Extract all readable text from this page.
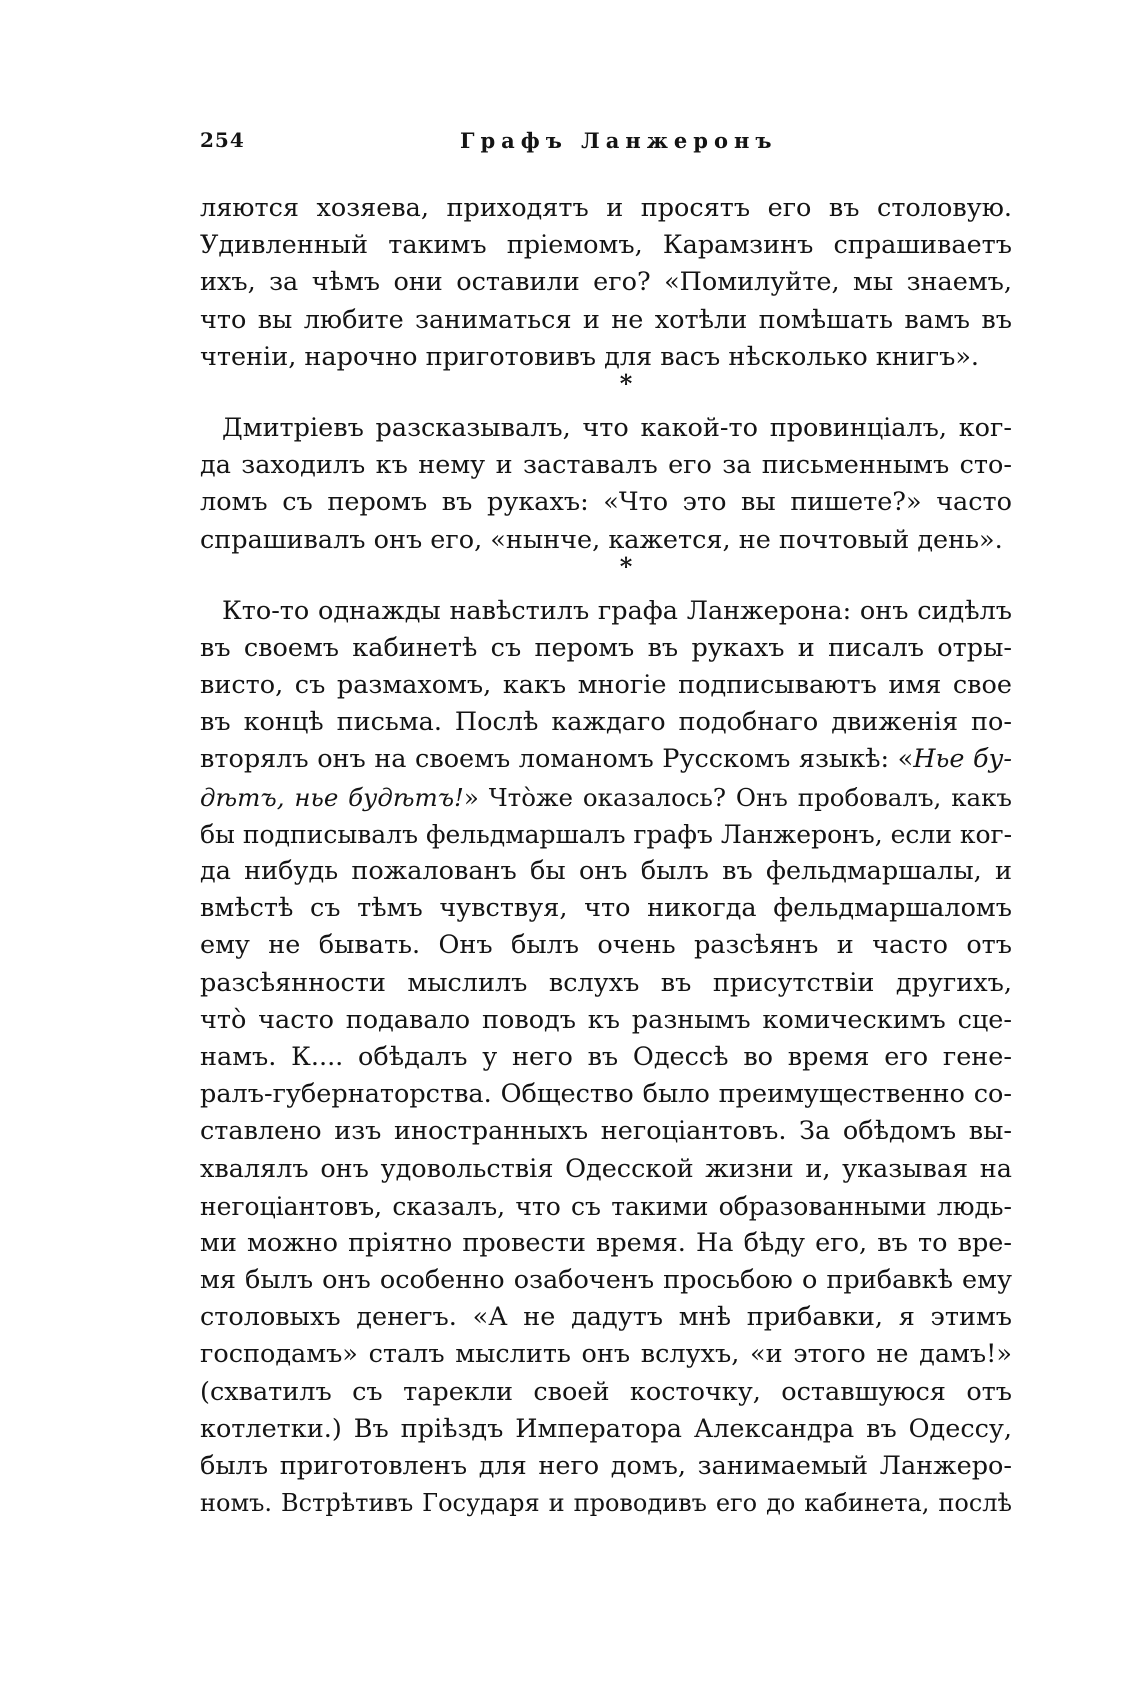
254	Графъ Ланжеронъ
ляются хозяева, приходятъ и просятъ его въ столовую.
Удивленный такимъ пріемомъ, Карамзинъ спрашиваетъ
ихъ, за чѣмъ они оставили его? «Помилуйте, мы знаемъ,
что вы любите заниматься и не хотѣли помѣшать вамъ въ
чтеніи, нарочно приготовивъ для васъ нѣсколько книгъ».
*
Дмитріевъ разсказывалъ, что какой-то провинціалъ, ког-
да заходилъ къ нему и заставалъ его за письменнымъ сто-
ломъ съ перомъ въ рукахъ: «Что это вы пишете?» часто
спрашивалъ онъ его, «нынче, кажется, не почтовый день».
*
Кто-то однажды навѣстилъ графа Ланжерона: онъ сидѣлъ
въ своемъ кабинетѣ съ перомъ въ рукахъ и писалъ отры-
висто, съ размахомъ, какъ многіе подписываютъ имя свое
въ концѣ письма. Послѣ каждаго подобнаго движенія по-
вторялъ онъ на своемъ ломаномъ Русскомъ языкѣ: «Ньe бу-
дѣтъ, ньe будѣтъ!» Чтòже оказалось? Онъ пробовалъ, какъ
бы подписывалъ фельдмаршалъ графъ Ланжеронъ, если ког-
да нибудь пожалованъ бы онъ былъ въ фельдмаршалы, и
вмѣстѣ съ тѣмъ чувствуя, что никогда фельдмаршаломъ
ему не бывать. Онъ былъ очень разсѣянъ и часто отъ
разсѣянности мыслилъ вслухъ въ присутствіи другихъ,
чтò часто подавало поводъ къ разнымъ комическимъ сце-
намъ. К.... обѣдалъ у него въ Одессѣ во время его гене-
ралъ-губернаторства. Общество было преимущественно со-
ставлено изъ иностранныхъ негоціантовъ. За обѣдомъ вы-
хвалялъ онъ удовольствія Одесской жизни и, указывая на
негоціантовъ, сказалъ, что съ такими образованными людь-
ми можно пріятно провести время. На бѣду его, въ то вре-
мя былъ онъ особенно озабоченъ просьбою о прибавкѣ ему
столовыхъ денегъ. «А не дадутъ мнѣ прибавки, я этимъ
господамъ» сталъ мыслить онъ вслухъ, «и этого не дамъ!»
(схватилъ съ тарекли своей косточку, оставшуюся отъ
котлетки.) Въ пріѣздъ Императора Александра въ Одессу,
былъ приготовленъ для него домъ, занимаемый Ланжеро-
номъ. Встрѣтивъ Государя и проводивъ его до кабинета, послѣ
